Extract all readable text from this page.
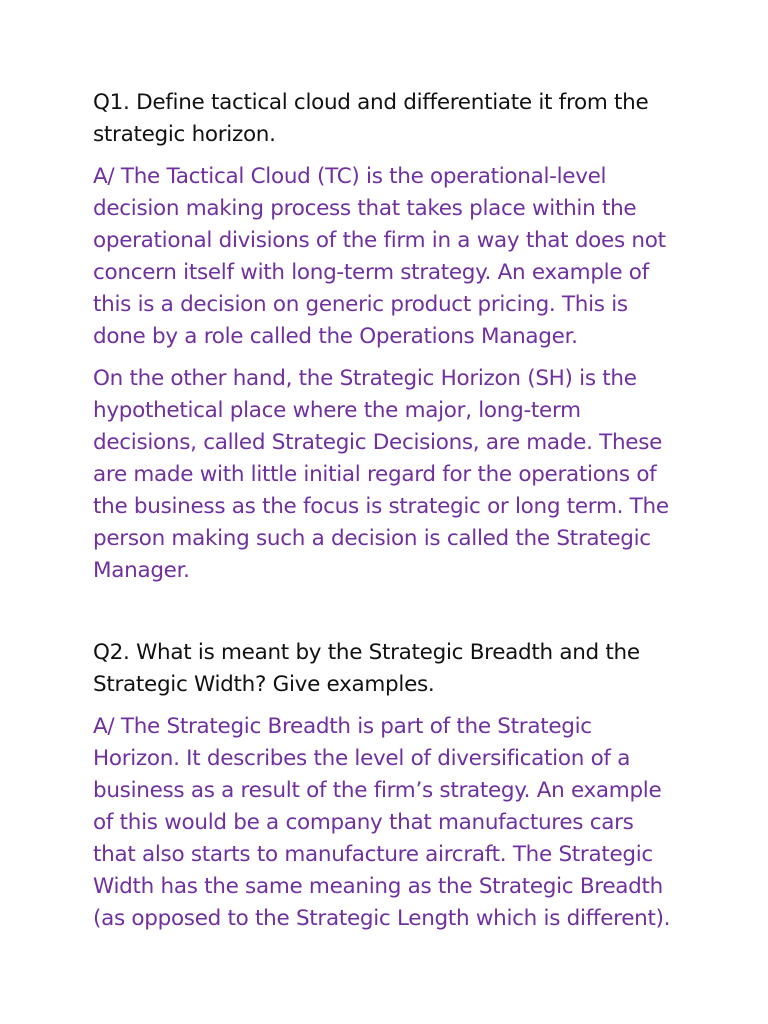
Q1. Define tactical cloud and differentiate it from the
strategic horizon.
A/ The Tactical Cloud (TC) is the operational-level
decision making process that takes place within the
operational divisions of the firm in a way that does not
concern itself with long-term strategy. An example of
this is a decision on generic product pricing. This is
done by a role called the Operations Manager.
On the other hand, the Strategic Horizon (SH) is the
hypothetical place where the major, long-term
decisions, called Strategic Decisions, are made. These
are made with little initial regard for the operations of
the business as the focus is strategic or long term. The
person making such a decision is called the Strategic
Manager.
Q2. What is meant by the Strategic Breadth and the
Strategic Width? Give examples.
A/ The Strategic Breadth is part of the Strategic
Horizon. It describes the level of diversification of a
business as a result of the firm’s strategy. An example
of this would be a company that manufactures cars
that also starts to manufacture aircraft. The Strategic
Width has the same meaning as the Strategic Breadth
(as opposed to the Strategic Length which is different).
